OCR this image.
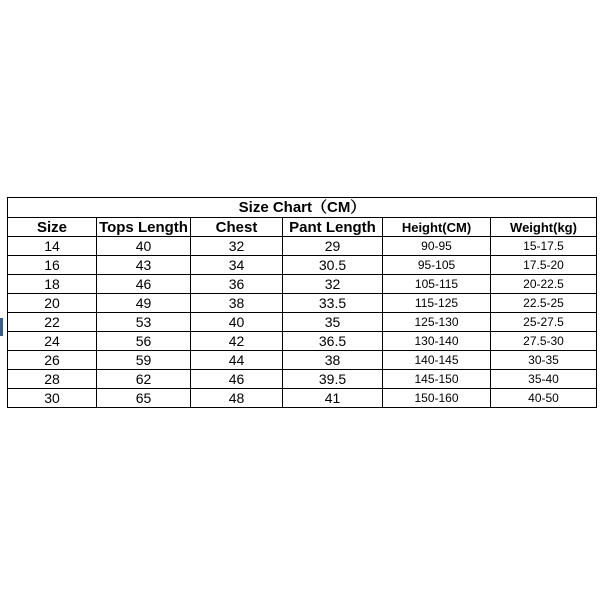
Size Chart（CM）					
Size	Tops Length	Chest	Pant Length	Height(CM)	Weight(kg)
14	40	32	29	90-95	15-17.5
16	43	34	30.5	95-105	17.5-20
18	46	36	32	105-115	20-22.5
20	49	38	33.5	115-125	22.5-25
22	53	40	35	125-130	25-27.5
24	56	42	36.5	130-140	27.5-30
26	59	44	38	140-145	30-35
28	62	46	39.5	145-150	35-40
30	65	48	41	150-160	40-50
